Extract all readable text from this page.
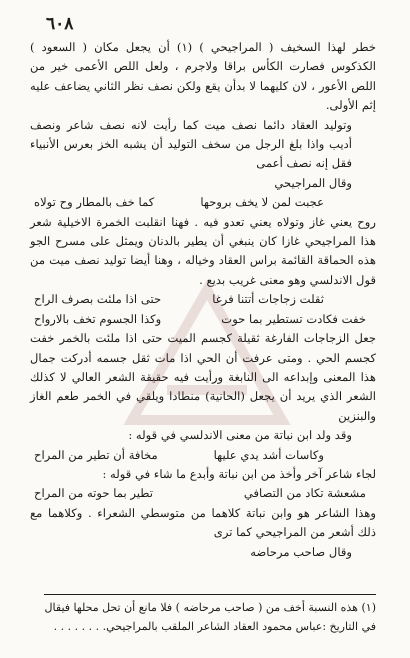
٦٠٨

خطر لهذا السخيف ( المراجيحي ) (١) أن يجعل مكان ( السعود ) الكذكوس فصارت الكأس براقا ولاجرم ، ولعل اللص الأعمى خير من اللص الأعور ، لان كليهما لا بدأن يقع ولكن نصف نظر الثاني يضاعف عليه إثم الأولى.

وتوليد العقاد دائما نصف ميت كما رأيت لانه نصف شاعر ونصف أديب واذا بلغ الرجل من سخف التوليد أن يشبه الخز بعرس الأنبياء فقل إنه نصف أعمى

وقال المراجيحي

عجبت لمن لا يخف بروحها
كما خف بالمطار وح تولاه

روح يعني غاز وتولاه يعني تعدو فيه . فهنا انقلبت الخمرة الاخيلية شعر هذا المراجيحي غازا كان ينبغي أن يطير بالدنان ويمثل على مسرح الجو هذه الحماقة القائمة براس العقاد وخياله ، وهنا أيضا توليد نصف ميت من قول الاندلسي وهو معنى غريب بديع .

ثقلت زجاجات أتتنا فرغا
حتى اذا ملئت بصرف الراح
خفت فكادت تستطير بما حوت
وكذا الجسوم تخف بالارواح

جعل الزجاجات الفارغة ثقيلة كجسم الميت حتى اذا ملئت بالخمر خفت كجسم الحي . ومتى عرفت أن الحي اذا مات ثقل جسمه أدركت جمال هذا المعنى وإبداعه الى النابغة ورأيت فيه حقيقة الشعر العالي لا كذلك الشعر الذي يريد أن يجعل (الحانية) منطادا ويلقي في الخمر طعم الغاز والبنزين

وقد ولد ابن نباتة من معنى الاندلسي في قوله :

وكاسات أشد يدي عليها
مخافة أن تطير من المراح

لجاء شاعر آخر وأخذ من ابن نباتة وأبدع ما شاء في قوله :

مشعشة تكاد من التصافي
تطير بما حوته من المراح

وهذا الشاعر هو وابن نباتة كلاهما من متوسطي الشعراء . وكلاهما مع ذلك أشعر من المراجيحي كما ترى

وقال صاحب مرحاضه

(١) هذه النسبة أخف من ( صاحب مرحاضه ) فلا مانع أن تحل محلها فيقال

في التاريخ :عباس محمود العقاد الشاعر الملقب بالمراجيحي. . . . . . . .
